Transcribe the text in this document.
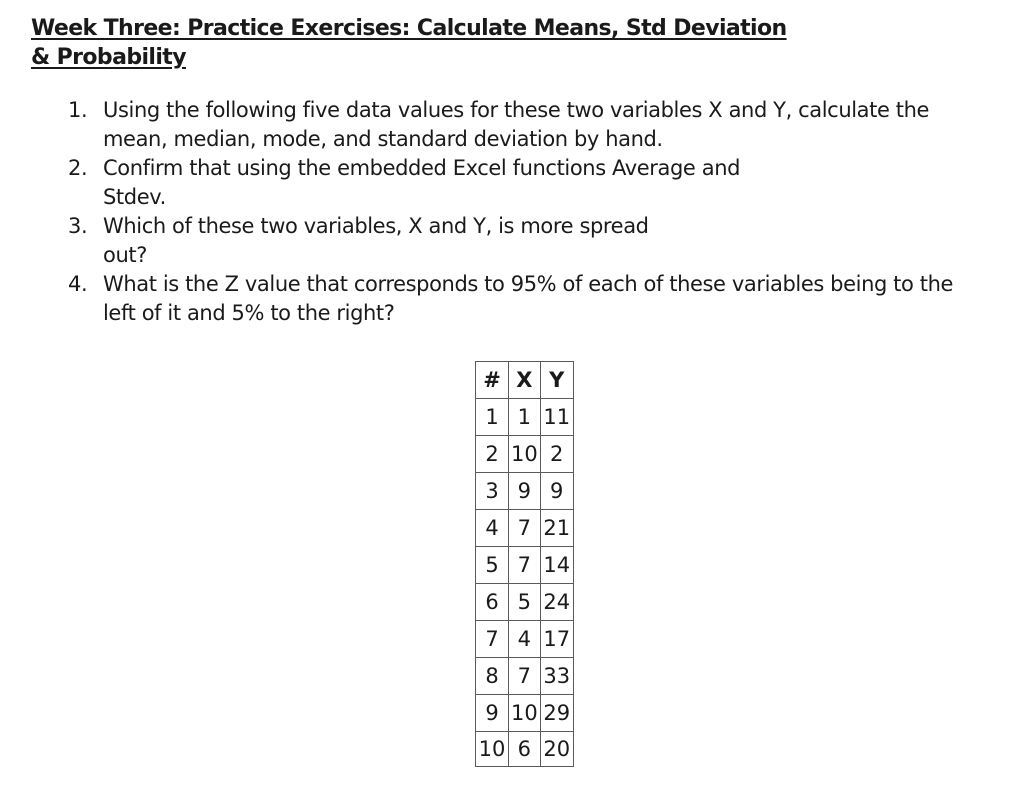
Week Three: Practice Exercises: Calculate Means, Std Deviation & Probability
1. Using the following five data values for these two variables X and Y, calculate the mean, median, mode, and standard deviation by hand.
2. Confirm that using the embedded Excel functions Average and Stdev.
3. Which of these two variables, X and Y, is more spread out?
4. What is the Z value that corresponds to 95% of each of these variables being to the left of it and 5% to the right?
#	X	Y
1	1	11
2	10	2
3	9	9
4	7	21
5	7	14
6	5	24
7	4	17
8	7	33
9	10	29
10	6	20
